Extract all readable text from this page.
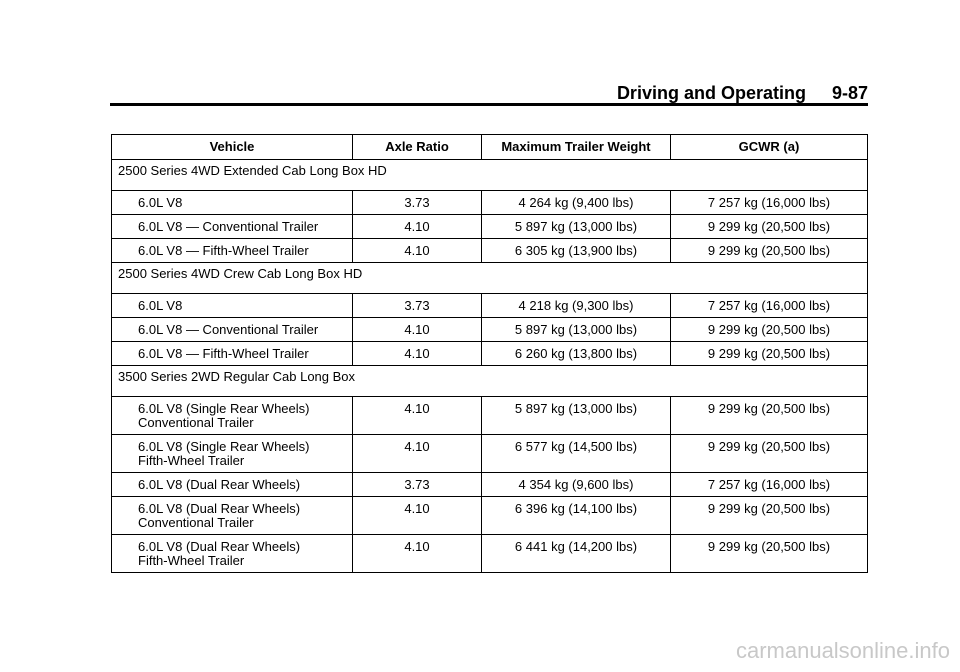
Driving and Operating 9-87
Vehicle	Axle Ratio	Maximum Trailer Weight	GCWR (a)
2500 Series 4WD Extended Cab Long Box HD			

6.0L V8	3.73	4 264 kg (9,400 lbs)	7 257 kg (16,000 lbs)

6.0L V8 — Conventional Trailer	4.10	5 897 kg (13,000 lbs)	9 299 kg (20,500 lbs)

6.0L V8 — Fifth-Wheel Trailer	4.10	6 305 kg (13,900 lbs)	9 299 kg (20,500 lbs)
2500 Series 4WD Crew Cab Long Box HD			

6.0L V8	3.73	4 218 kg (9,300 lbs)	7 257 kg (16,000 lbs)

6.0L V8 — Conventional Trailer	4.10	5 897 kg (13,000 lbs)	9 299 kg (20,500 lbs)

6.0L V8 — Fifth-Wheel Trailer	4.10	6 260 kg (13,800 lbs)	9 299 kg (20,500 lbs)
3500 Series 2WD Regular Cab Long Box			

6.0L V8 (Single Rear Wheels)
Conventional Trailer	4.10	5 897 kg (13,000 lbs)	9 299 kg (20,500 lbs)

6.0L V8 (Single Rear Wheels)
Fifth-Wheel Trailer	4.10	6 577 kg (14,500 lbs)	9 299 kg (20,500 lbs)

6.0L V8 (Dual Rear Wheels)	3.73	4 354 kg (9,600 lbs)	7 257 kg (16,000 lbs)

6.0L V8 (Dual Rear Wheels)
Conventional Trailer	4.10	6 396 kg (14,100 lbs)	9 299 kg (20,500 lbs)

6.0L V8 (Dual Rear Wheels)
Fifth-Wheel Trailer	4.10	6 441 kg (14,200 lbs)	9 299 kg (20,500 lbs)
carmanualsonline.info
